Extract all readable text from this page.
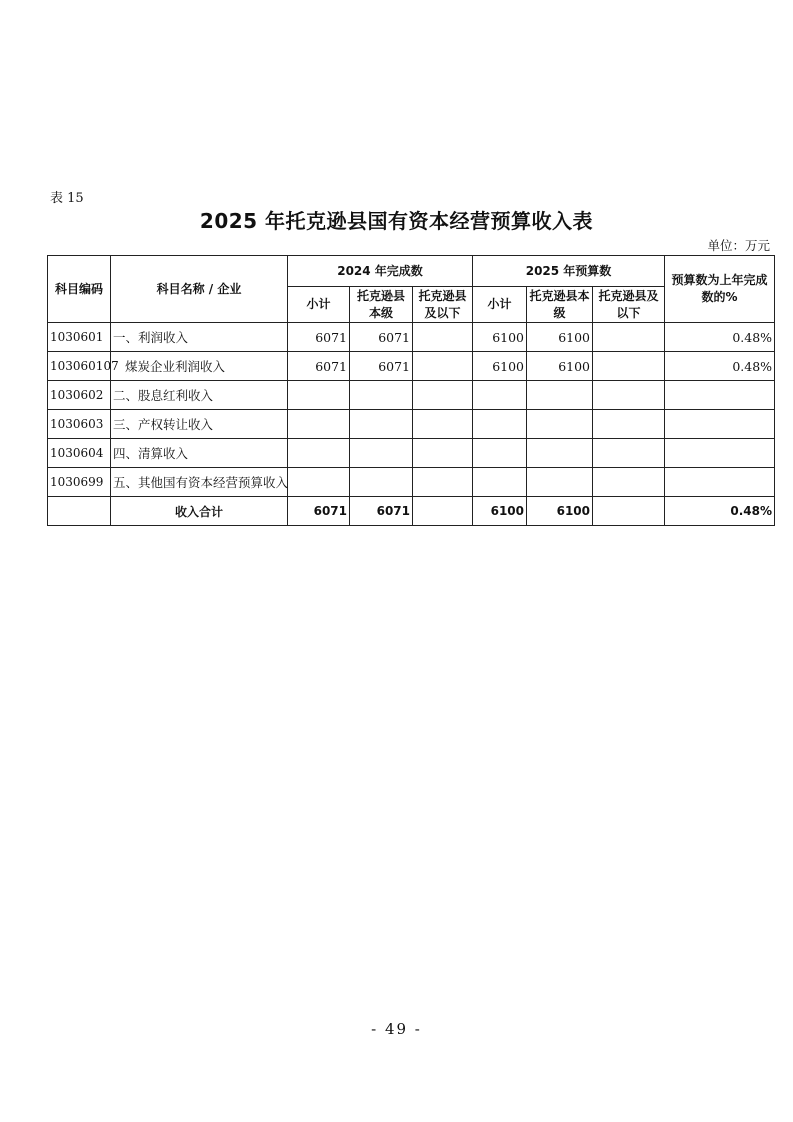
表 15
2025 年托克逊县国有资本经营预算收入表
单位：万元
科目编码	科目名称 / 企业	2024 年完成数			2025 年预算数			预算数为上年完成数的%
		小计	托克逊县本级	托克逊县及以下	小计	托克逊县本级	托克逊县及以下	
1030601	一、利润收入	6071	6071		6100	6100		0.48%
103060107	煤炭企业利润收入	6071	6071		6100	6100		0.48%
1030602	二、股息红利收入							
1030603	三、产权转让收入							
1030604	四、清算收入							
1030699	五、其他国有资本经营预算收入							
	收入合计	6071	6071		6100	6100		0.48%
- 49 -
